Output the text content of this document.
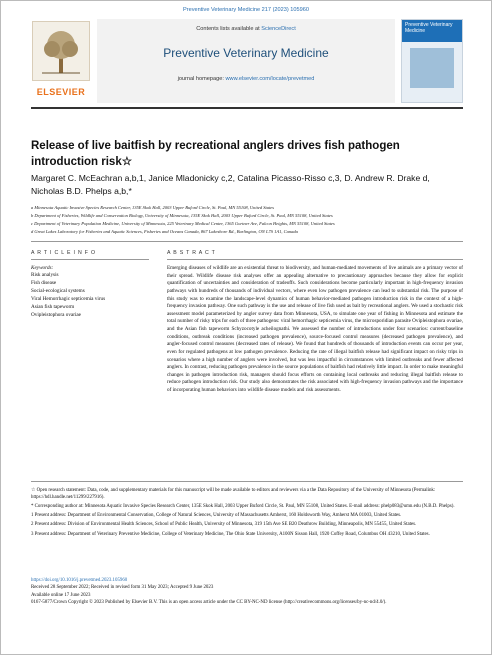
Preventive Veterinary Medicine 217 (2023) 105960
ELSEVIER
Contents lists available at ScienceDirect
Preventive Veterinary Medicine
journal homepage: www.elsevier.com/locate/prevetmed
Preventive Veterinary Medicine
Release of live baitfish by recreational anglers drives fish pathogen introduction risk☆
Margaret C. McEachran a,b,1, Janice Mladonicky c,2, Catalina Picasso-Risso c,3, D. Andrew R. Drake d, Nicholas B.D. Phelps a,b,*
a Minnesota Aquatic Invasive Species Research Center, 135E Skok Hall, 2003 Upper Buford Circle, St. Paul, MN 55108, United States
b Department of Fisheries, Wildlife and Conservation Biology, University of Minnesota, 135E Skok Hall, 2003 Upper Buford Circle, St. Paul, MN 55108, United States
c Department of Veterinary Population Medicine, University of Minnesota, 225 Veterinary Medical Center, 1365 Gortner Ave, Falcon Heights, MN 55108, United States
d Great Lakes Laboratory for Fisheries and Aquatic Sciences, Fisheries and Oceans Canada, 867 Lakeshore Rd., Burlington, ON L7S 1A1, Canada
A R T I C L E I N F O
Keywords:
Risk analysis
Fish disease
Social-ecological systems
Viral Hemorrhagic septicemia virus
Asian fish tapeworm
Ovipleistophora ovariae
A B S T R A C T
Emerging diseases of wildlife are an existential threat to biodiversity, and human-mediated movements of live animals are a primary vector of their spread. Wildlife disease risk analyses offer an appealing alternative to precautionary approaches because they allow for explicit quantification of uncertainties and consideration of tradeoffs. Such considerations become particularly important in high-frequency invasion pathways with hundreds of thousands of individual vectors, where even low pathogen prevalence can lead to substantial risk. The purpose of this study was to examine the landscape-level dynamics of human behavior-mediated pathogen introduction risk in the context of a high-frequency invasion pathway. One such pathway is the use and release of live fish used as bait by recreational anglers. We used a stochastic risk assessment model parameterized by angler survey data from Minnesota, USA, to simulate one year of fishing in Minnesota and estimate the total number of risky trips for each of three pathogens: viral hemorrhagic septicemia virus, the microsporidian parasite Ovipleistophora ovariae, and the Asian fish tapeworm Schyzocotyle acheilognathi. We assessed the number of introductions under four scenarios: current/baseline conditions, outbreak conditions (increased pathogen prevalence), source-focused control measures (decreased pathogen prevalence), and angler-focused control measures (decreased rates of release). We found that hundreds of thousands of introduction events can occur per year, even for regulated pathogens at low pathogen prevalence. Reducing the rate of illegal baitfish release had significant impact on risky trips in scenarios where a high number of anglers were involved, but was less impactful in circumstances with limited outbreaks and fewer affected anglers. In contrast, reducing pathogen prevalence in the source populations of baitfish had relatively little impact. In order to make meaningful changes in pathogen introduction risk, managers should focus efforts on containing local outbreaks and reducing illegal baitfish release to reduce pathogen introduction risk. Our study also demonstrates the risk associated with high-frequency invasion pathways and the importance of incorporating human behaviors into wildlife disease models and risk assessments.
☆ Open research statement: Data, code, and supplementary materials for this manuscript will be made available to editors and reviewers via a the Data Repository of the University of Minnesota (Permalink: https://hdl.handle.net/11299/227916).
* Corresponding author at: Minnesota Aquatic Invasive Species Research Center, 135E Skok Hall, 2003 Upper Buford Circle, St. Paul, MN 55108, United States. E-mail address: phelp083@umn.edu (N.B.D. Phelps).
1 Present address: Department of Environmental Conservation, College of Natural Sciences, University of Massachusetts Amherst, 160 Holdsworth Way, Amherst MA 01003, United States.
2 Present address: Division of Environmental Health Sciences, School of Public Health, University of Minnesota, 319 15th Ave SE B20 Deathrow Building, Minneapolis, MN 55455, United States.
3 Present address: Department of Veterinary Preventive Medicine, College of Veterinary Medicine, The Ohio State University, A100N Sisson Hall, 1920 Coffey Road, Columbus OH 43210, United States.
https://doi.org/10.1016/j.prevetmed.2023.105960
Received 28 September 2022; Received in revised form 31 May 2023; Accepted 9 June 2023
Available online 17 June 2023
0167-5877/Crown Copyright © 2023 Published by Elsevier B.V. This is an open access article under the CC BY-NC-ND license (http://creativecommons.org/licenses/by-nc-nd/4.0/).
